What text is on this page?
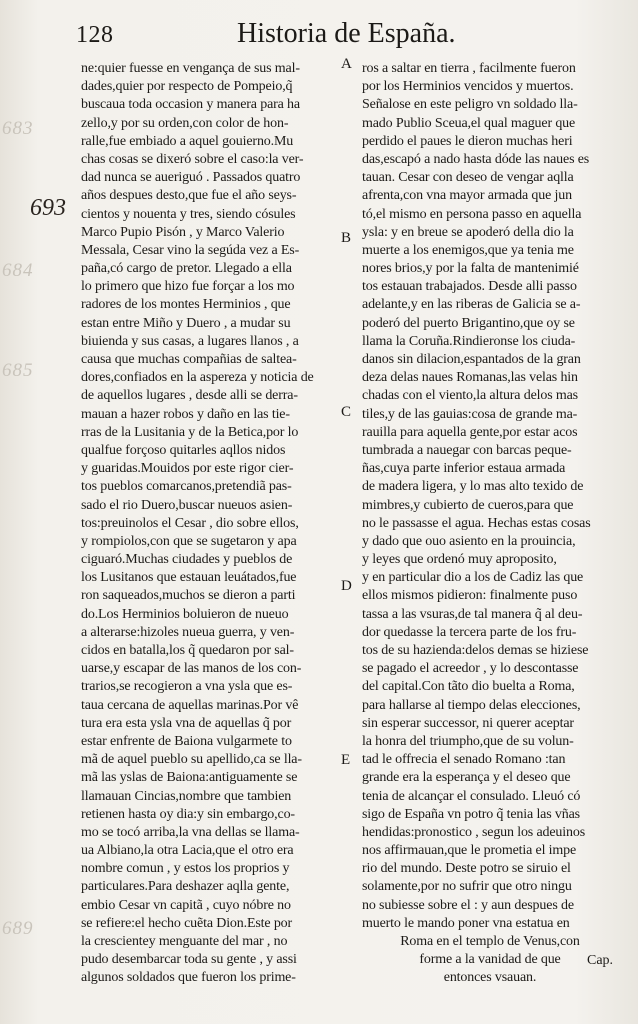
128	Historia de España.
693
683
684
685
689
A
B
C
D
E
ne:quier fuesse en vengança de sus mal-
dades,quier por respecto de Pompeio,q̃
buscaua toda occasion y manera para ha
zello,y por su orden,con color de hon-
ralle,fue embiado a aquel gouierno.Mu
chas cosas se dixeró sobre el caso:la ver-
dad nunca se aueriguó . Passados quatro
años despues desto,que fue el año seys-
cientos y nouenta y tres, siendo cósules
Marco Pupio Pisón , y Marco Valerio
Messala, Cesar vino la segúda vez a Es-
paña,có cargo de pretor. Llegado a ella
lo primero que hizo fue forçar a los mo
radores de los montes Herminios , que
estan entre Miño y Duero , a mudar su
biuienda y sus casas, a lugares llanos , a
causa que muchas compañias de saltea-
dores,confiados en la aspereza y noticia de
de aquellos lugares , desde alli se derra-
mauan a hazer robos y daño en las tie-
rras de la Lusitania y de la Betica,por lo
qualfue forçoso quitarles aqllos nidos
y guaridas.Mouidos por este rigor cier-
tos pueblos comarcanos,pretendiã pas-
sado el rio Duero,buscar nueuos asien-
tos:preuinolos el Cesar , dio sobre ellos,
y rompiolos,con que se sugetaron y apa
ciguaró.Muchas ciudades y pueblos de
los Lusitanos que estauan leuátados,fue
ron saqueados,muchos se dieron a parti
do.Los Herminios boluieron de nueuo
a alterarse:hizoles nueua guerra, y ven-
cidos en batalla,los q̃ quedaron por sal-
uarse,y escapar de las manos de los con-
trarios,se recogieron a vna ysla que es-
taua cercana de aquellas marinas.Por vê
tura era esta ysla vna de aquellas q̃ por
estar enfrente de Baiona vulgarmete to
mã de aquel pueblo su apellido,ca se lla-
mã las yslas de Baiona:antiguamente se
llamauan Cincias,nombre que tambien
retienen hasta oy dia:y sin embargo,co-
mo se tocó arriba,la vna dellas se llama-
ua Albiano,la otra Lacia,que el otro era
nombre comun , y estos los proprios y
particulares.Para deshazer aqlla gente,
embio Cesar vn capitã , cuyo nóbre no
se refiere:el hecho cuẽta Dion.Este por
la crescientey menguante del mar , no
pudo desembarcar toda su gente , y assi
algunos soldados que fueron los prime-
ros a saltar en tierra , facilmente fueron
por los Herminios vencidos y muertos.
Señalose en este peligro vn soldado lla-
mado Publio Sceua,el qual maguer que
perdido el paues le dieron muchas heri
das,escapó a nado hasta dóde las naues es
tauan. Cesar con deseo de vengar aqlla
afrenta,con vna mayor armada que jun
tó,el mismo en persona passo en aquella
ysla: y en breue se apoderó della dio la
muerte a los enemigos,que ya tenia me
nores brios,y por la falta de mantenimié
tos estauan trabajados. Desde alli passo
adelante,y en las riberas de Galicia se a-
poderó del puerto Brigantino,que oy se
llama la Coruña.Rindieronse los ciuda-
danos sin dilacion,espantados de la gran
deza delas naues Romanas,las velas hin
chadas con el viento,la altura delos mas
tiles,y de las gauias:cosa de grande ma-
rauilla para aquella gente,por estar acos
tumbrada a nauegar con barcas peque-
ñas,cuya parte inferior estaua armada
de madera ligera, y lo mas alto texido de
mimbres,y cubierto de cueros,para que
no le passasse el agua. Hechas estas cosas
y dado que ouo asiento en la prouincia,
y leyes que ordenó muy aproposito,
y en particular dio a los de Cadiz las que
ellos mismos pidieron: finalmente puso
tassa a las vsuras,de tal manera q̃ al deu-
dor quedasse la tercera parte de los fru-
tos de su hazienda:delos demas se hiziese
se pagado el acreedor , y lo descontasse
del capital.Con tãto dio buelta a Roma,
para hallarse al tiempo delas elecciones,
sin esperar successor, ni querer aceptar
la honra del triumpho,que de su volun-
tad le offrecia el senado Romano :tan
grande era la esperança y el deseo que
tenia de alcançar el consulado. Lleuó có
sigo de España vn potro q̃ tenia las vñas
hendidas:pronostico , segun los adeuinos
nos affirmauan,que le prometia el impe
rio del mundo. Deste potro se siruio el
solamente,por no sufrir que otro ningu
no subiesse sobre el : y aun despues de
muerto le mando poner vna estatua en
Roma en el templo de Venus,con
forme a la vanidad de que
entonces vsauan.
Cap.
